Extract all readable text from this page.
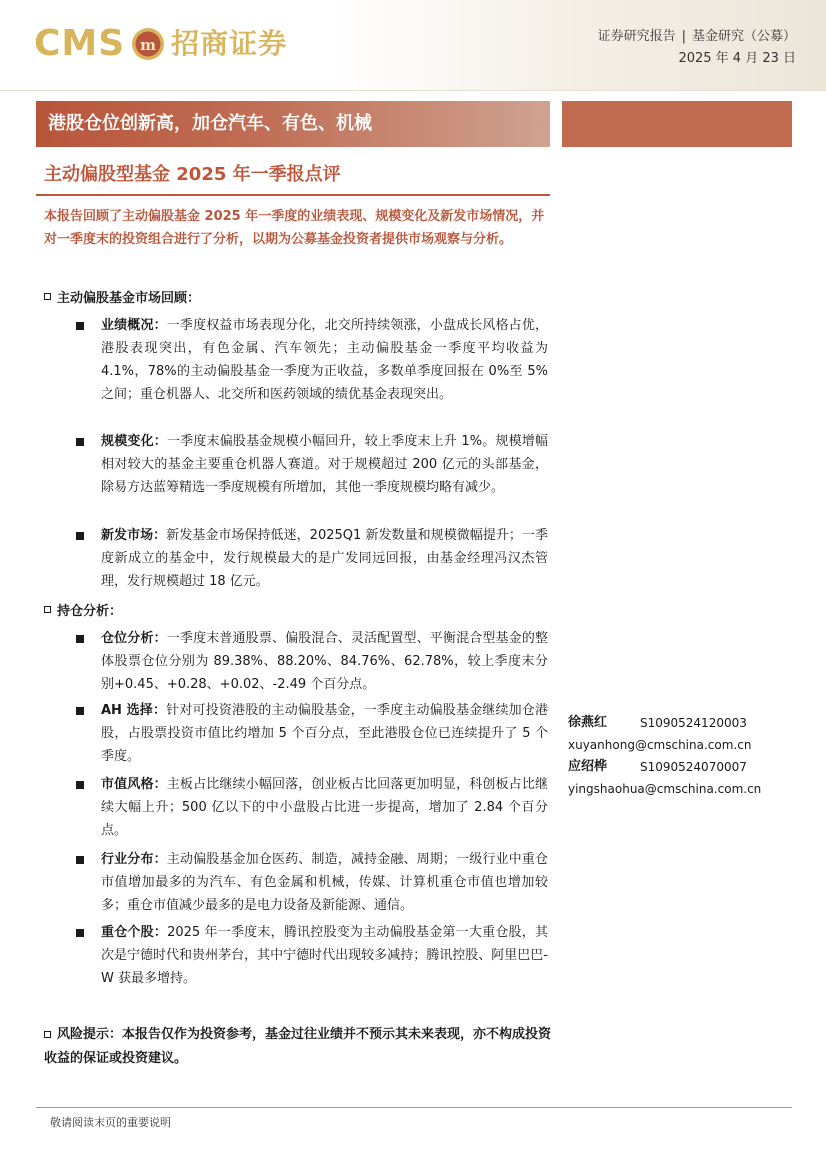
CMS m 招商证券	证券研究报告 | 基金研究（公募）
2025 年 4 月 23 日
港股仓位创新高，加仓汽车、有色、机械
主动偏股型基金 2025 年一季报点评
本报告回顾了主动偏股基金 2025 年一季度的业绩表现、规模变化及新发市场情况，并对一季度末的投资组合进行了分析，以期为公募基金投资者提供市场观察与分析。
主动偏股基金市场回顾：
业绩概况：一季度权益市场表现分化，北交所持续领涨，小盘成长风格占优，港股表现突出，有色金属、汽车领先；主动偏股基金一季度平均收益为 4.1%，78%的主动偏股基金一季度为正收益，多数单季度回报在 0%至 5%之间；重仓机器人、北交所和医药领域的绩优基金表现突出。
规模变化：一季度末偏股基金规模小幅回升，较上季度末上升 1%。规模增幅相对较大的基金主要重仓机器人赛道。对于规模超过 200 亿元的头部基金，除易方达蓝筹精选一季度规模有所增加，其他一季度规模均略有减少。
新发市场：新发基金市场保持低迷，2025Q1 新发数量和规模微幅提升；一季度新成立的基金中，发行规模最大的是广发同远回报，由基金经理冯汉杰管理，发行规模超过 18 亿元。
持仓分析：
仓位分析：一季度末普通股票、偏股混合、灵活配置型、平衡混合型基金的整体股票仓位分别为 89.38%、88.20%、84.76%、62.78%，较上季度末分别+0.45、+0.28、+0.02、-2.49 个百分点。
AH 选择：针对可投资港股的主动偏股基金，一季度主动偏股基金继续加仓港股，占股票投资市值比约增加 5 个百分点，至此港股仓位已连续提升了 5 个季度。
市值风格：主板占比继续小幅回落，创业板占比回落更加明显，科创板占比继续大幅上升；500 亿以下的中小盘股占比进一步提高，增加了 2.84 个百分点。
行业分布：主动偏股基金加仓医药、制造，减持金融、周期；一级行业中重仓市值增加最多的为汽车、有色金属和机械，传媒、计算机重仓市值也增加较多；重仓市值减少最多的是电力设备及新能源、通信。
重仓个股：2025 年一季度末，腾讯控股变为主动偏股基金第一大重仓股，其次是宁德时代和贵州茅台，其中宁德时代出现较多减持；腾讯控股、阿里巴巴-W 获最多增持。
风险提示：本报告仅作为投资参考，基金过往业绩并不预示其未来表现，亦不构成投资收益的保证或投资建议。
徐燕红	S1090524120003
xuyanhong@cmschina.com.cn
应绍桦	S1090524070007
yingshaohua@cmschina.com.cn
敬请阅读末页的重要说明
